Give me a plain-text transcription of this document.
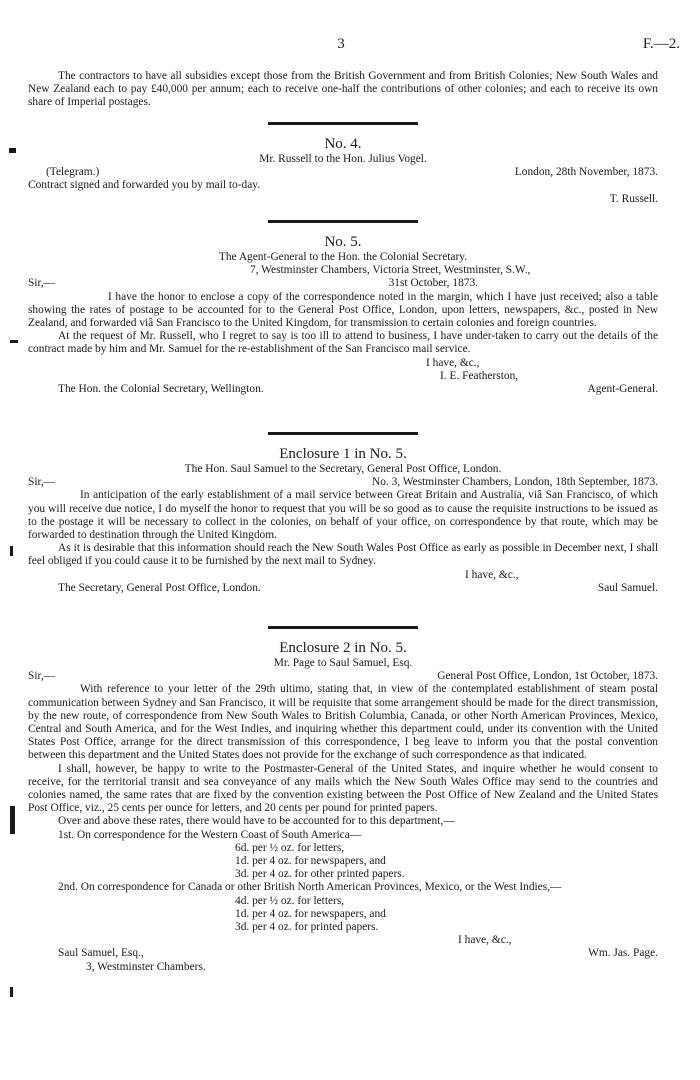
3	F.—2.

The contractors to have all subsidies except those from the British Government and from British Colonies; New South Wales and New Zealand each to pay £40,000 per annum; each to receive one-half the contributions of other colonies; and each to receive its own share of Imperial postages.

No. 4.
Mr. Russell to the Hon. Julius Vogel.
(Telegram.)	London, 28th November, 1873.

Contract signed and forwarded you by mail to-day.

T. Russell.
No. 5.
The Agent-General to the Hon. the Colonial Secretary.
7, Westminster Chambers, Victoria Street, Westminster, S.W.,
Sir,—	31st October, 1873.

I have the honor to enclose a copy of the correspondence noted in the margin, which I have just received; also a table showing the rates of postage to be accounted for to the General Post Office, London, upon letters, newspapers, &c., posted in New Zealand, and forwarded viâ San Francisco to the United Kingdom, for transmission to certain colonies and foreign countries.

At the request of Mr. Russell, who I regret to say is too ill to attend to business, I have under-taken to carry out the details of the contract made by him and Mr. Samuel for the re-establishment of the San Francisco mail service.

I have, &c.,
I. E. Featherston,
The Hon. the Colonial Secretary, Wellington.	Agent-General.
Enclosure 1 in No. 5.
The Hon. Saul Samuel to the Secretary, General Post Office, London.
Sir,—	No. 3, Westminster Chambers, London, 18th September, 1873.

In anticipation of the early establishment of a mail service between Great Britain and Australia, viâ San Francisco, of which you will receive due notice, I do myself the honor to request that you will be so good as to cause the requisite instructions to be issued as to the postage it will be necessary to collect in the colonies, on behalf of your office, on correspondence by that route, which may be forwarded to destination through the United Kingdom.

As it is desirable that this information should reach the New South Wales Post Office as early as possible in December next, I shall feel obliged if you could cause it to be furnished by the next mail to Sydney.

I have, &c.,
The Secretary, General Post Office, London.	Saul Samuel.
Enclosure 2 in No. 5.
Mr. Page to Saul Samuel, Esq.
Sir,—	General Post Office, London, 1st October, 1873.

With reference to your letter of the 29th ultimo, stating that, in view of the contemplated establishment of steam postal communication between Sydney and San Francisco, it will be requisite that some arrangement should be made for the direct transmission, by the new route, of correspondence from New South Wales to British Columbia, Canada, or other North American Provinces, Mexico, Central and South America, and for the West Indies, and inquiring whether this department could, under its convention with the United States Post Office, arrange for the direct transmission of this correspondence, I beg leave to inform you that the postal convention between this department and the United States does not provide for the exchange of such correspondence as that indicated.

I shall, however, be happy to write to the Postmaster-General of the United States, and inquire whether he would consent to receive, for the territorial transit and sea conveyance of any mails which the New South Wales Office may send to the countries and colonies named, the same rates that are fixed by the convention existing between the Post Office of New Zealand and the United States Post Office, viz., 25 cents per ounce for letters, and 20 cents per pound for printed papers.

Over and above these rates, there would have to be accounted for to this department,—

1st. On correspondence for the Western Coast of South America—

6d. per ½ oz. for letters,
1d. per 4 oz. for newspapers, and
3d. per 4 oz. for other printed papers.

2nd. On correspondence for Canada or other British North American Provinces, Mexico, or the West Indies,—

4d. per ½ oz. for letters,
1d. per 4 oz. for newspapers, and
3d. per 4 oz. for printed papers.
I have, &c.,
Saul Samuel, Esq.,	Wm. Jas. Page.
3, Westminster Chambers.
